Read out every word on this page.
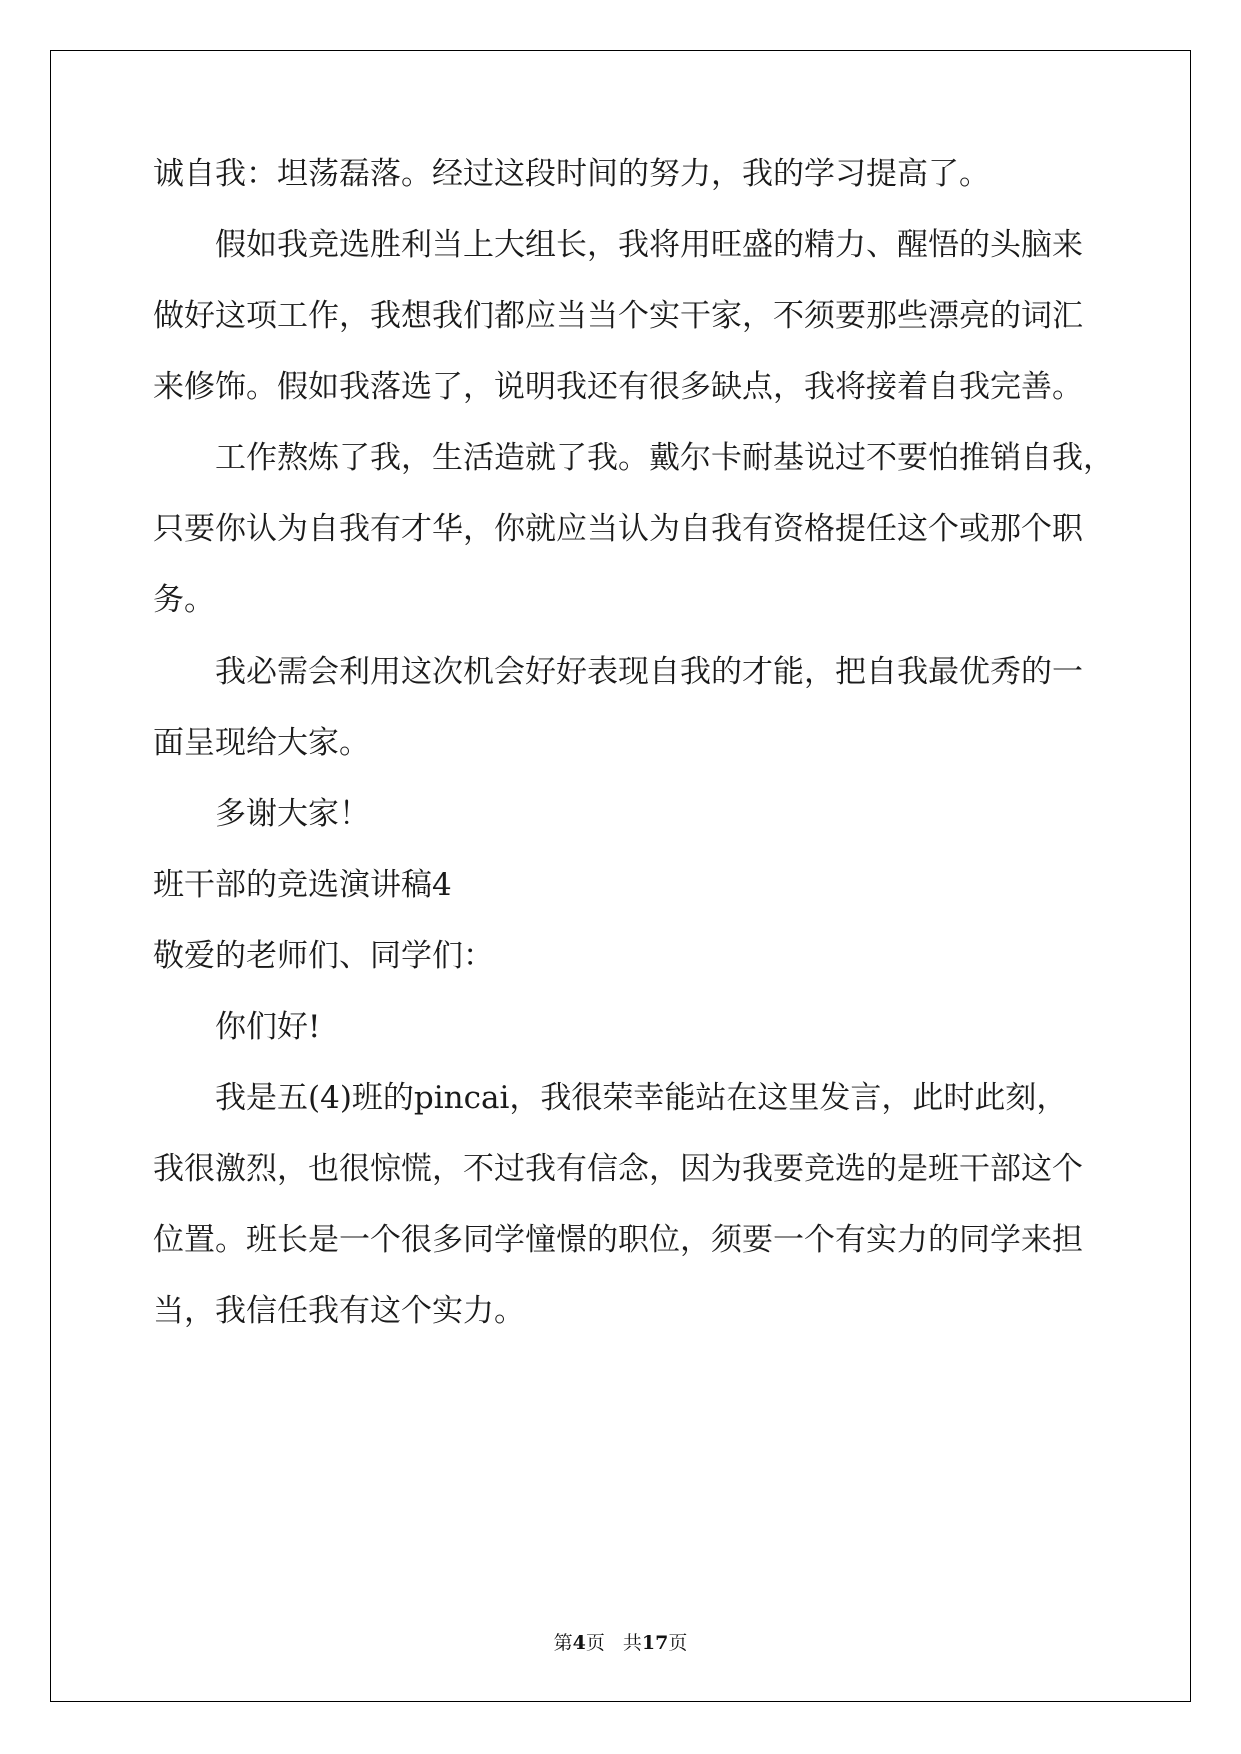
诚自我：坦荡磊落。经过这段时间的努力，我的学习提高了。
假如我竞选胜利当上大组长，我将用旺盛的精力、醒悟的头脑来
做好这项工作，我想我们都应当当个实干家，不须要那些漂亮的词汇
来修饰。假如我落选了，说明我还有很多缺点，我将接着自我完善。
工作熬炼了我，生活造就了我。戴尔卡耐基说过不要怕推销自我，
只要你认为自我有才华，你就应当认为自我有资格提任这个或那个职
务。
我必需会利用这次机会好好表现自我的才能，把自我最优秀的一
面呈现给大家。
多谢大家！
班干部的竞选演讲稿4
敬爱的老师们、同学们：
你们好!
我是五(4)班的pincai，我很荣幸能站在这里发言，此时此刻，
我很激烈，也很惊慌，不过我有信念，因为我要竞选的是班干部这个
位置。班长是一个很多同学憧憬的职位，须要一个有实力的同学来担
当，我信任我有这个实力。
第4页 共17页
